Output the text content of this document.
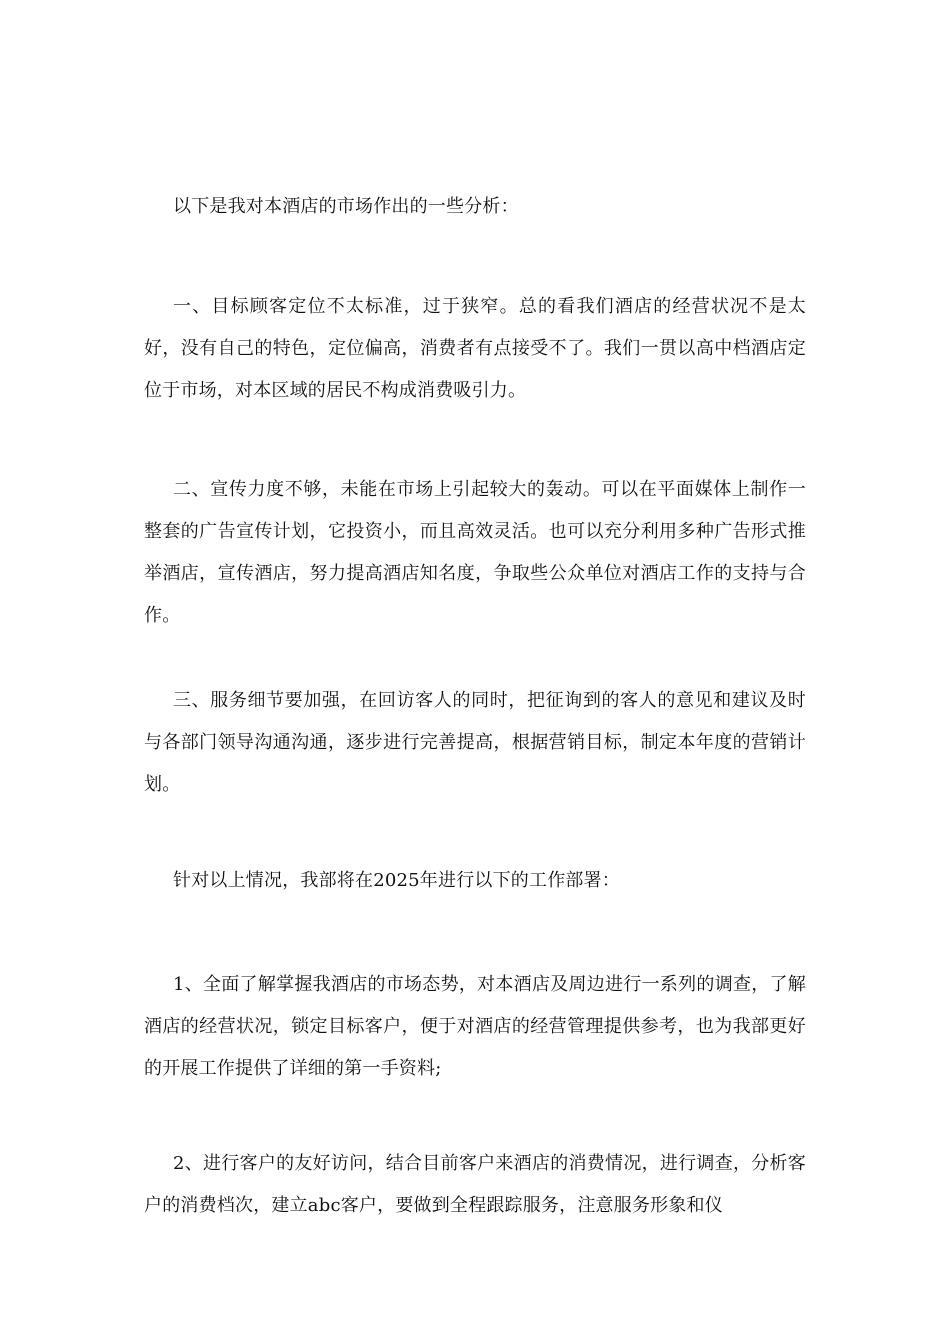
以下是我对本酒店的市场作出的一些分析：

一、目标顾客定位不太标准，过于狭窄。总的看我们酒店的经营状况不是太好，没有自己的特色，定位偏高，消费者有点接受不了。我们一贯以高中档酒店定位于市场，对本区域的居民不构成消费吸引力。

二、宣传力度不够，未能在市场上引起较大的轰动。可以在平面媒体上制作一整套的广告宣传计划，它投资小，而且高效灵活。也可以充分利用多种广告形式推举酒店，宣传酒店，努力提高酒店知名度，争取些公众单位对酒店工作的支持与合作。

三、服务细节要加强，在回访客人的同时，把征询到的客人的意见和建议及时与各部门领导沟通沟通，逐步进行完善提高，根据营销目标，制定本年度的营销计划。

针对以上情况，我部将在2025年进行以下的工作部署：

1、全面了解掌握我酒店的市场态势，对本酒店及周边进行一系列的调查，了解酒店的经营状况，锁定目标客户，便于对酒店的经营管理提供参考，也为我部更好的开展工作提供了详细的第一手资料;

2、进行客户的友好访问，结合目前客户来酒店的消费情况，进行调查，分析客户的消费档次，建立abc客户，要做到全程跟踪服务，注意服务形象和仪
